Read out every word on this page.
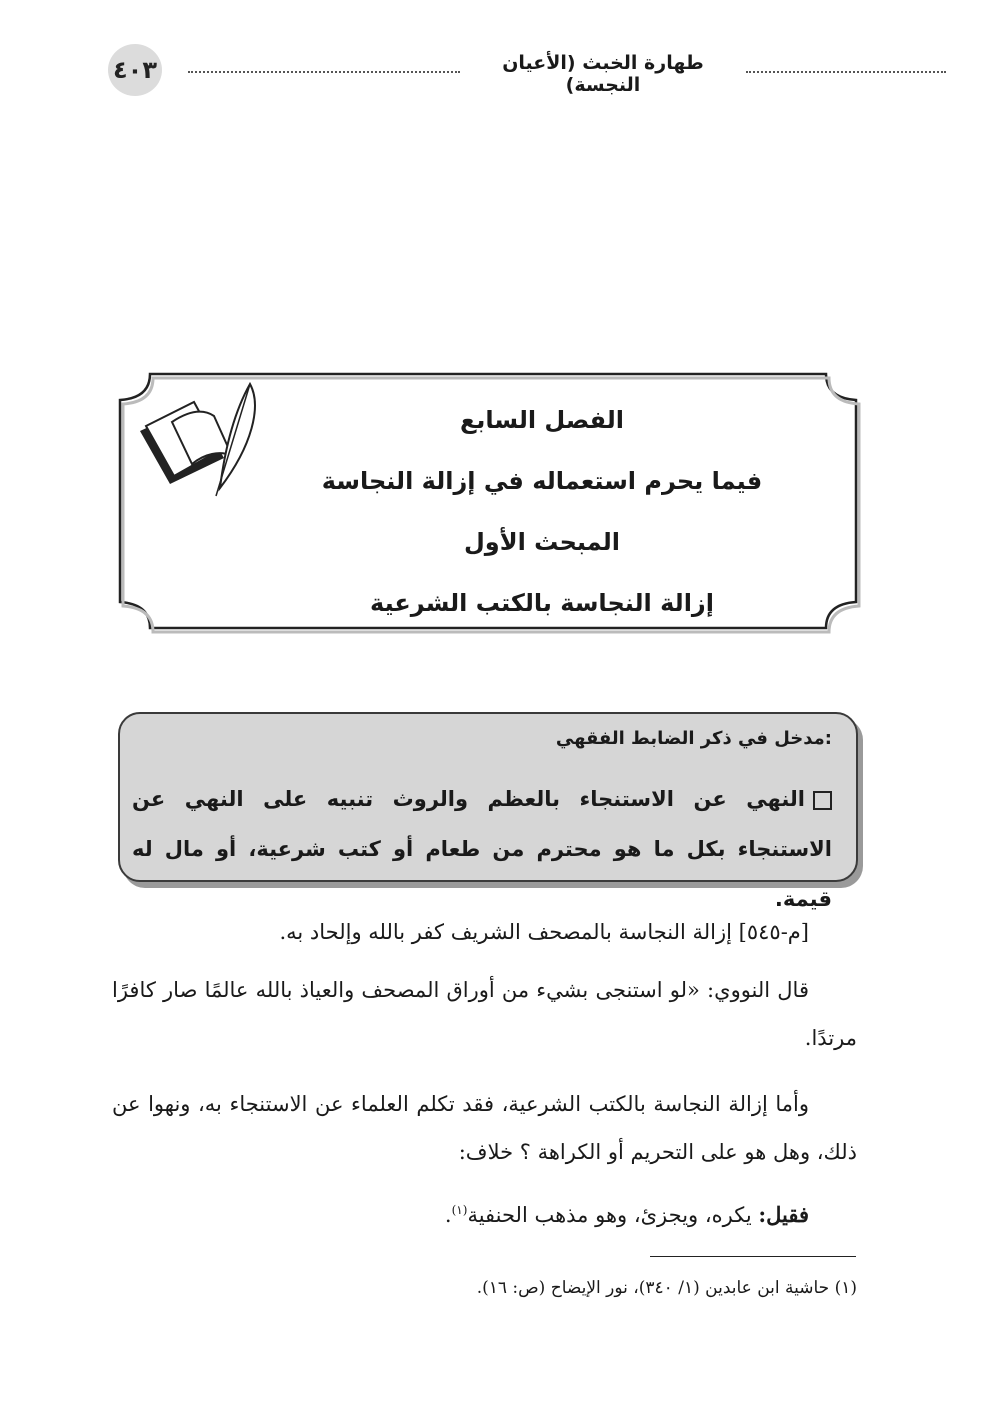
٤٠٣	طهارة الخبث (الأعيان النجسة)
الفصل السابع
فيما يحرم استعماله في إزالة النجاسة
المبحث الأول
إزالة النجاسة بالكتب الشرعية
مدخل في ذكر الضابط الفقهي:
النهي عن الاستنجاء بالعظم والروث تنبيه على النهي عن الاستنجاء بكل ما هو محترم من طعام أو كتب شرعية، أو مال له قيمة.
[م-٥٤٥] إزالة النجاسة بالمصحف الشريف كفر بالله وإلحاد به.
قال النووي: «لو استنجى بشيء من أوراق المصحف والعياذ بالله عالمًا صار كافرًا مرتدًا.
وأما إزالة النجاسة بالكتب الشرعية، فقد تكلم العلماء عن الاستنجاء به، ونهوا عن ذلك، وهل هو على التحريم أو الكراهة ؟ خلاف:
فقيل: يكره، ويجزئ، وهو مذهب الحنفية$^{(١)}$.
(١) حاشية ابن عابدين (١/ ٣٤٠)، نور الإيضاح (ص: ١٦).
